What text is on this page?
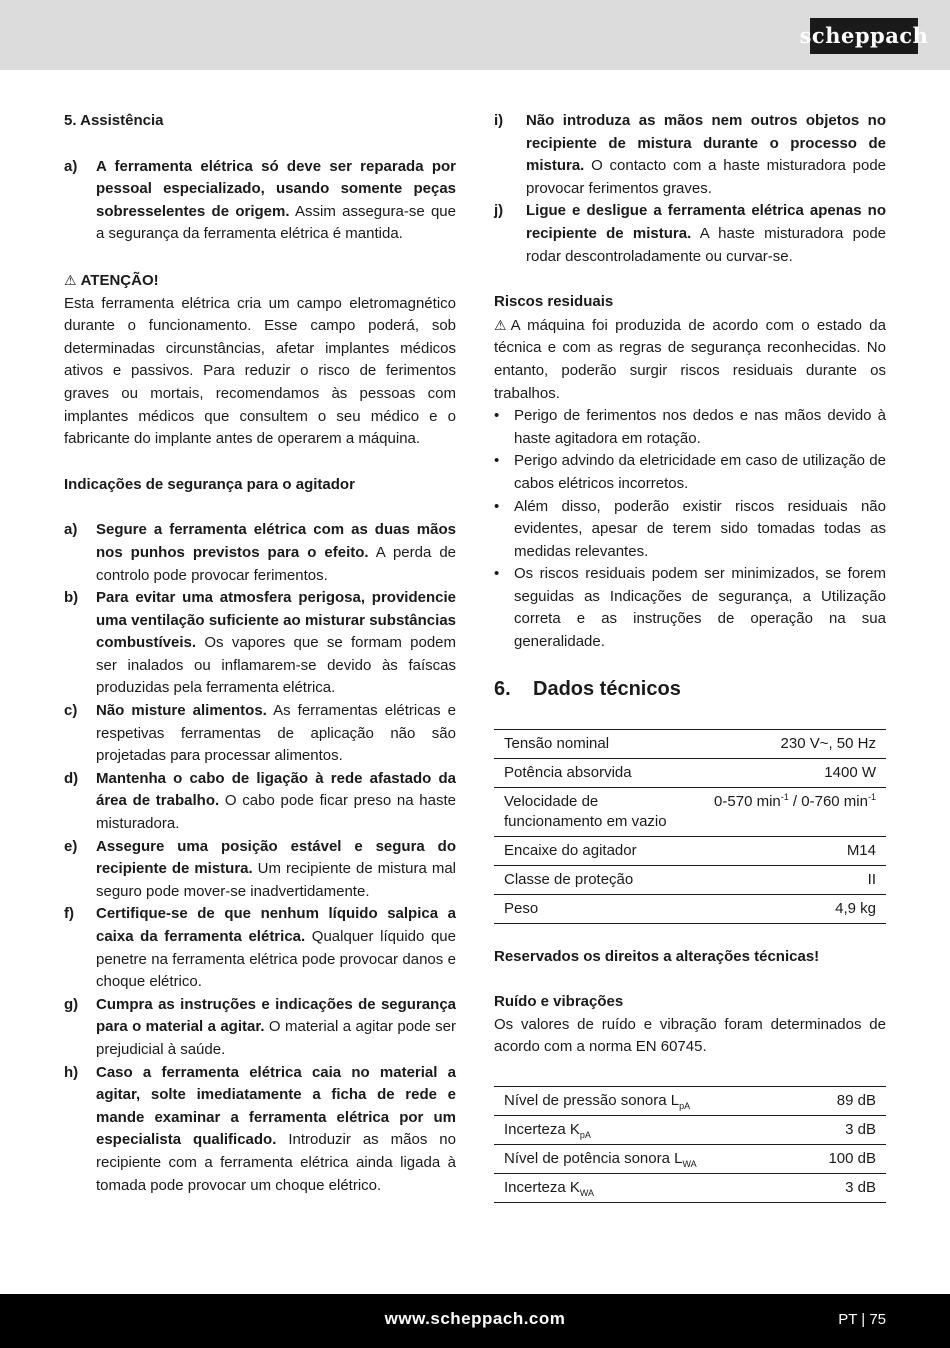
scheppach

5. Assistência

a)	A ferramenta elétrica só deve ser reparada por pessoal especializado, usando somente peças sobresselentes de origem. Assim assegura-se que a segurança da ferramenta elétrica é mantida.

⚠ ATENÇÃO!

Esta ferramenta elétrica cria um campo eletromagnético durante o funcionamento. Esse campo poderá, sob determinadas circunstâncias, afetar implantes médicos ativos e passivos. Para reduzir o risco de ferimentos graves ou mortais, recomendamos às pessoas com implantes médicos que consultem o seu médico e o fabricante do implante antes de operarem a máquina.

Indicações de segurança para o agitador

a)	Segure a ferramenta elétrica com as duas mãos nos punhos previstos para o efeito. A perda de controlo pode provocar ferimentos.
b)	Para evitar uma atmosfera perigosa, providencie uma ventilação suficiente ao misturar substâncias combustíveis. Os vapores que se formam podem ser inalados ou inflamarem-se devido às faíscas produzidas pela ferramenta elétrica.
c)	Não misture alimentos. As ferramentas elétricas e respetivas ferramentas de aplicação não são projetadas para processar alimentos.
d)	Mantenha o cabo de ligação à rede afastado da área de trabalho. O cabo pode ficar preso na haste misturadora.
e)	Assegure uma posição estável e segura do recipiente de mistura. Um recipiente de mistura mal seguro pode mover-se inadvertidamente.
f)	Certifique-se de que nenhum líquido salpica a caixa da ferramenta elétrica. Qualquer líquido que penetre na ferramenta elétrica pode provocar danos e choque elétrico.
g)	Cumpra as instruções e indicações de segurança para o material a agitar. O material a agitar pode ser prejudicial à saúde.
h)	Caso a ferramenta elétrica caia no material a agitar, solte imediatamente a ficha de rede e mande examinar a ferramenta elétrica por um especialista qualificado. Introduzir as mãos no recipiente com a ferramenta elétrica ainda ligada à tomada pode provocar um choque elétrico.
i)	Não introduza as mãos nem outros objetos no recipiente de mistura durante o processo de mistura. O contacto com a haste misturadora pode provocar ferimentos graves.
j)	Ligue e desligue a ferramenta elétrica apenas no recipiente de mistura. A haste misturadora pode rodar descontroladamente ou curvar-se.

Riscos residuais

⚠ A máquina foi produzida de acordo com o estado da técnica e com as regras de segurança reconhecidas. No entanto, poderão surgir riscos residuais durante os trabalhos.

• Perigo de ferimentos nos dedos e nas mãos devido à haste agitadora em rotação.
• Perigo advindo da eletricidade em caso de utilização de cabos elétricos incorretos.
• Além disso, poderão existir riscos residuais não evidentes, apesar de terem sido tomadas todas as medidas relevantes.
• Os riscos residuais podem ser minimizados, se forem seguidas as Indicações de segurança, a Utilização correta e as instruções de operação na sua generalidade.
6.	Dados técnicos
Tensão nominal	230 V~, 50 Hz
Potência absorvida	1400 W
Velocidade de funcionamento em vazio	0-570 $\min^{-1} / 0-760$ $\min^{-1}$
Encaixe do agitador	M14
Classe de proteção	II
Peso	4,9 kg

Reservados os direitos a alterações técnicas!

Ruído e vibrações

Os valores de ruído e vibração foram determinados de acordo com a norma EN 60745.

Nível de pressão sonora $L_{pA}$	89 dB
Incerteza $K_{pA}$	3 dB
Nível de potência sonora $L_{WA}$	100 dB
Incerteza $K_{WA}$	3 dB
www.scheppach.com	PT | 75
